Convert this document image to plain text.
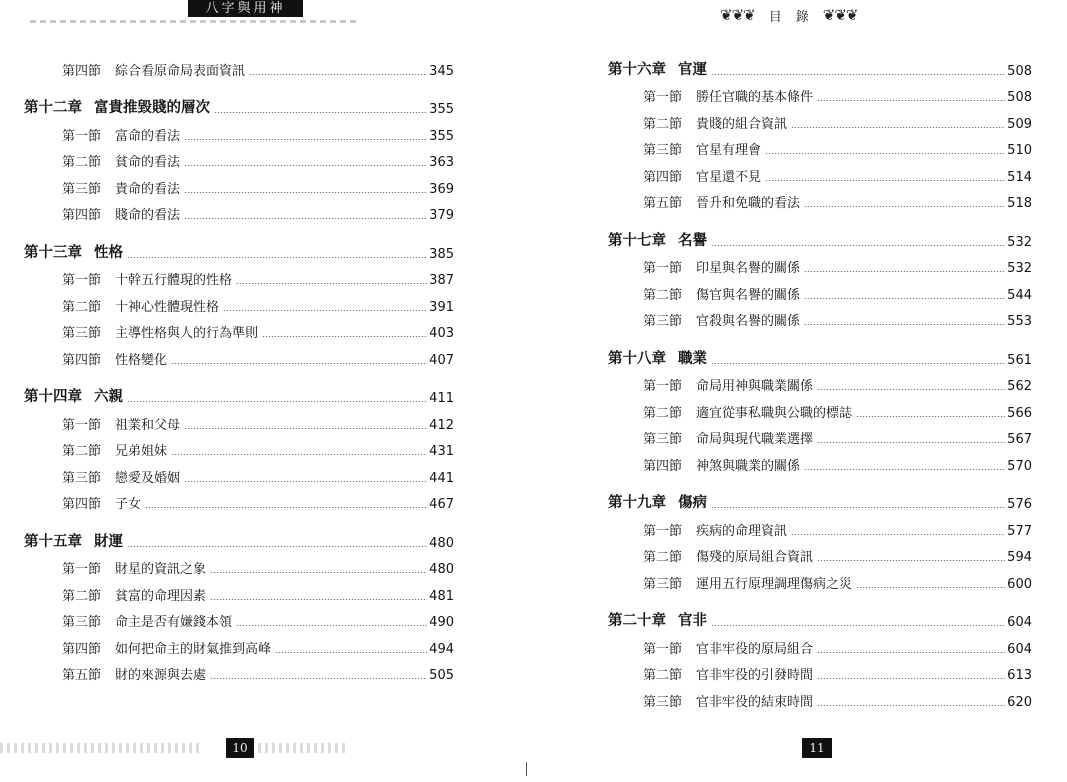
八字與用神
第四節 綜合看原命局表面資訊	345
第十二章 富貴推毀賤的層次	355
第一節 富命的看法	355
第二節 貧命的看法	363
第三節 貴命的看法	369
第四節 賤命的看法	379
第十三章 性格	385
第一節 十幹五行體現的性格	387
第二節 十神心性體現性格	391
第三節 主導性格與人的行為準則	403
第四節 性格變化	407
第十四章 六親	411
第一節 祖業和父母	412
第二節 兄弟姐妹	431
第三節 戀愛及婚姻	441
第四節 子女	467
第十五章 財運	480
第一節 財星的資訊之象	480
第二節 貧富的命理因素	481
第三節 命主是否有嫌錢本領	490
第四節 如何把命主的財氣推到高峰	494
第五節 財的來源與去處	505
10
❦❦❦ 目 錄 ❦❦❦
第十六章 官運	508
第一節 勝任官職的基本條件	508
第二節 貴賤的組合資訊	509
第三節 官星有理會	510
第四節 官星還不見	514
第五節 晉升和免職的看法	518
第十七章 名譽	532
第一節 印星與名譽的關係	532
第二節 傷官與名譽的關係	544
第三節 官殺與名譽的關係	553
第十八章 職業	561
第一節 命局用神與職業關係	562
第二節 適宜從事私職與公職的標誌	566
第三節 命局與現代職業選擇	567
第四節 神煞與職業的關係	570
第十九章 傷病	576
第一節 疾病的命理資訊	577
第二節 傷殘的原局組合資訊	594
第三節 運用五行原理調理傷病之災	600
第二十章 官非	604
第一節 官非牢役的原局組合	604
第二節 官非牢役的引發時間	613
第三節 官非牢役的結束時間	620
11
